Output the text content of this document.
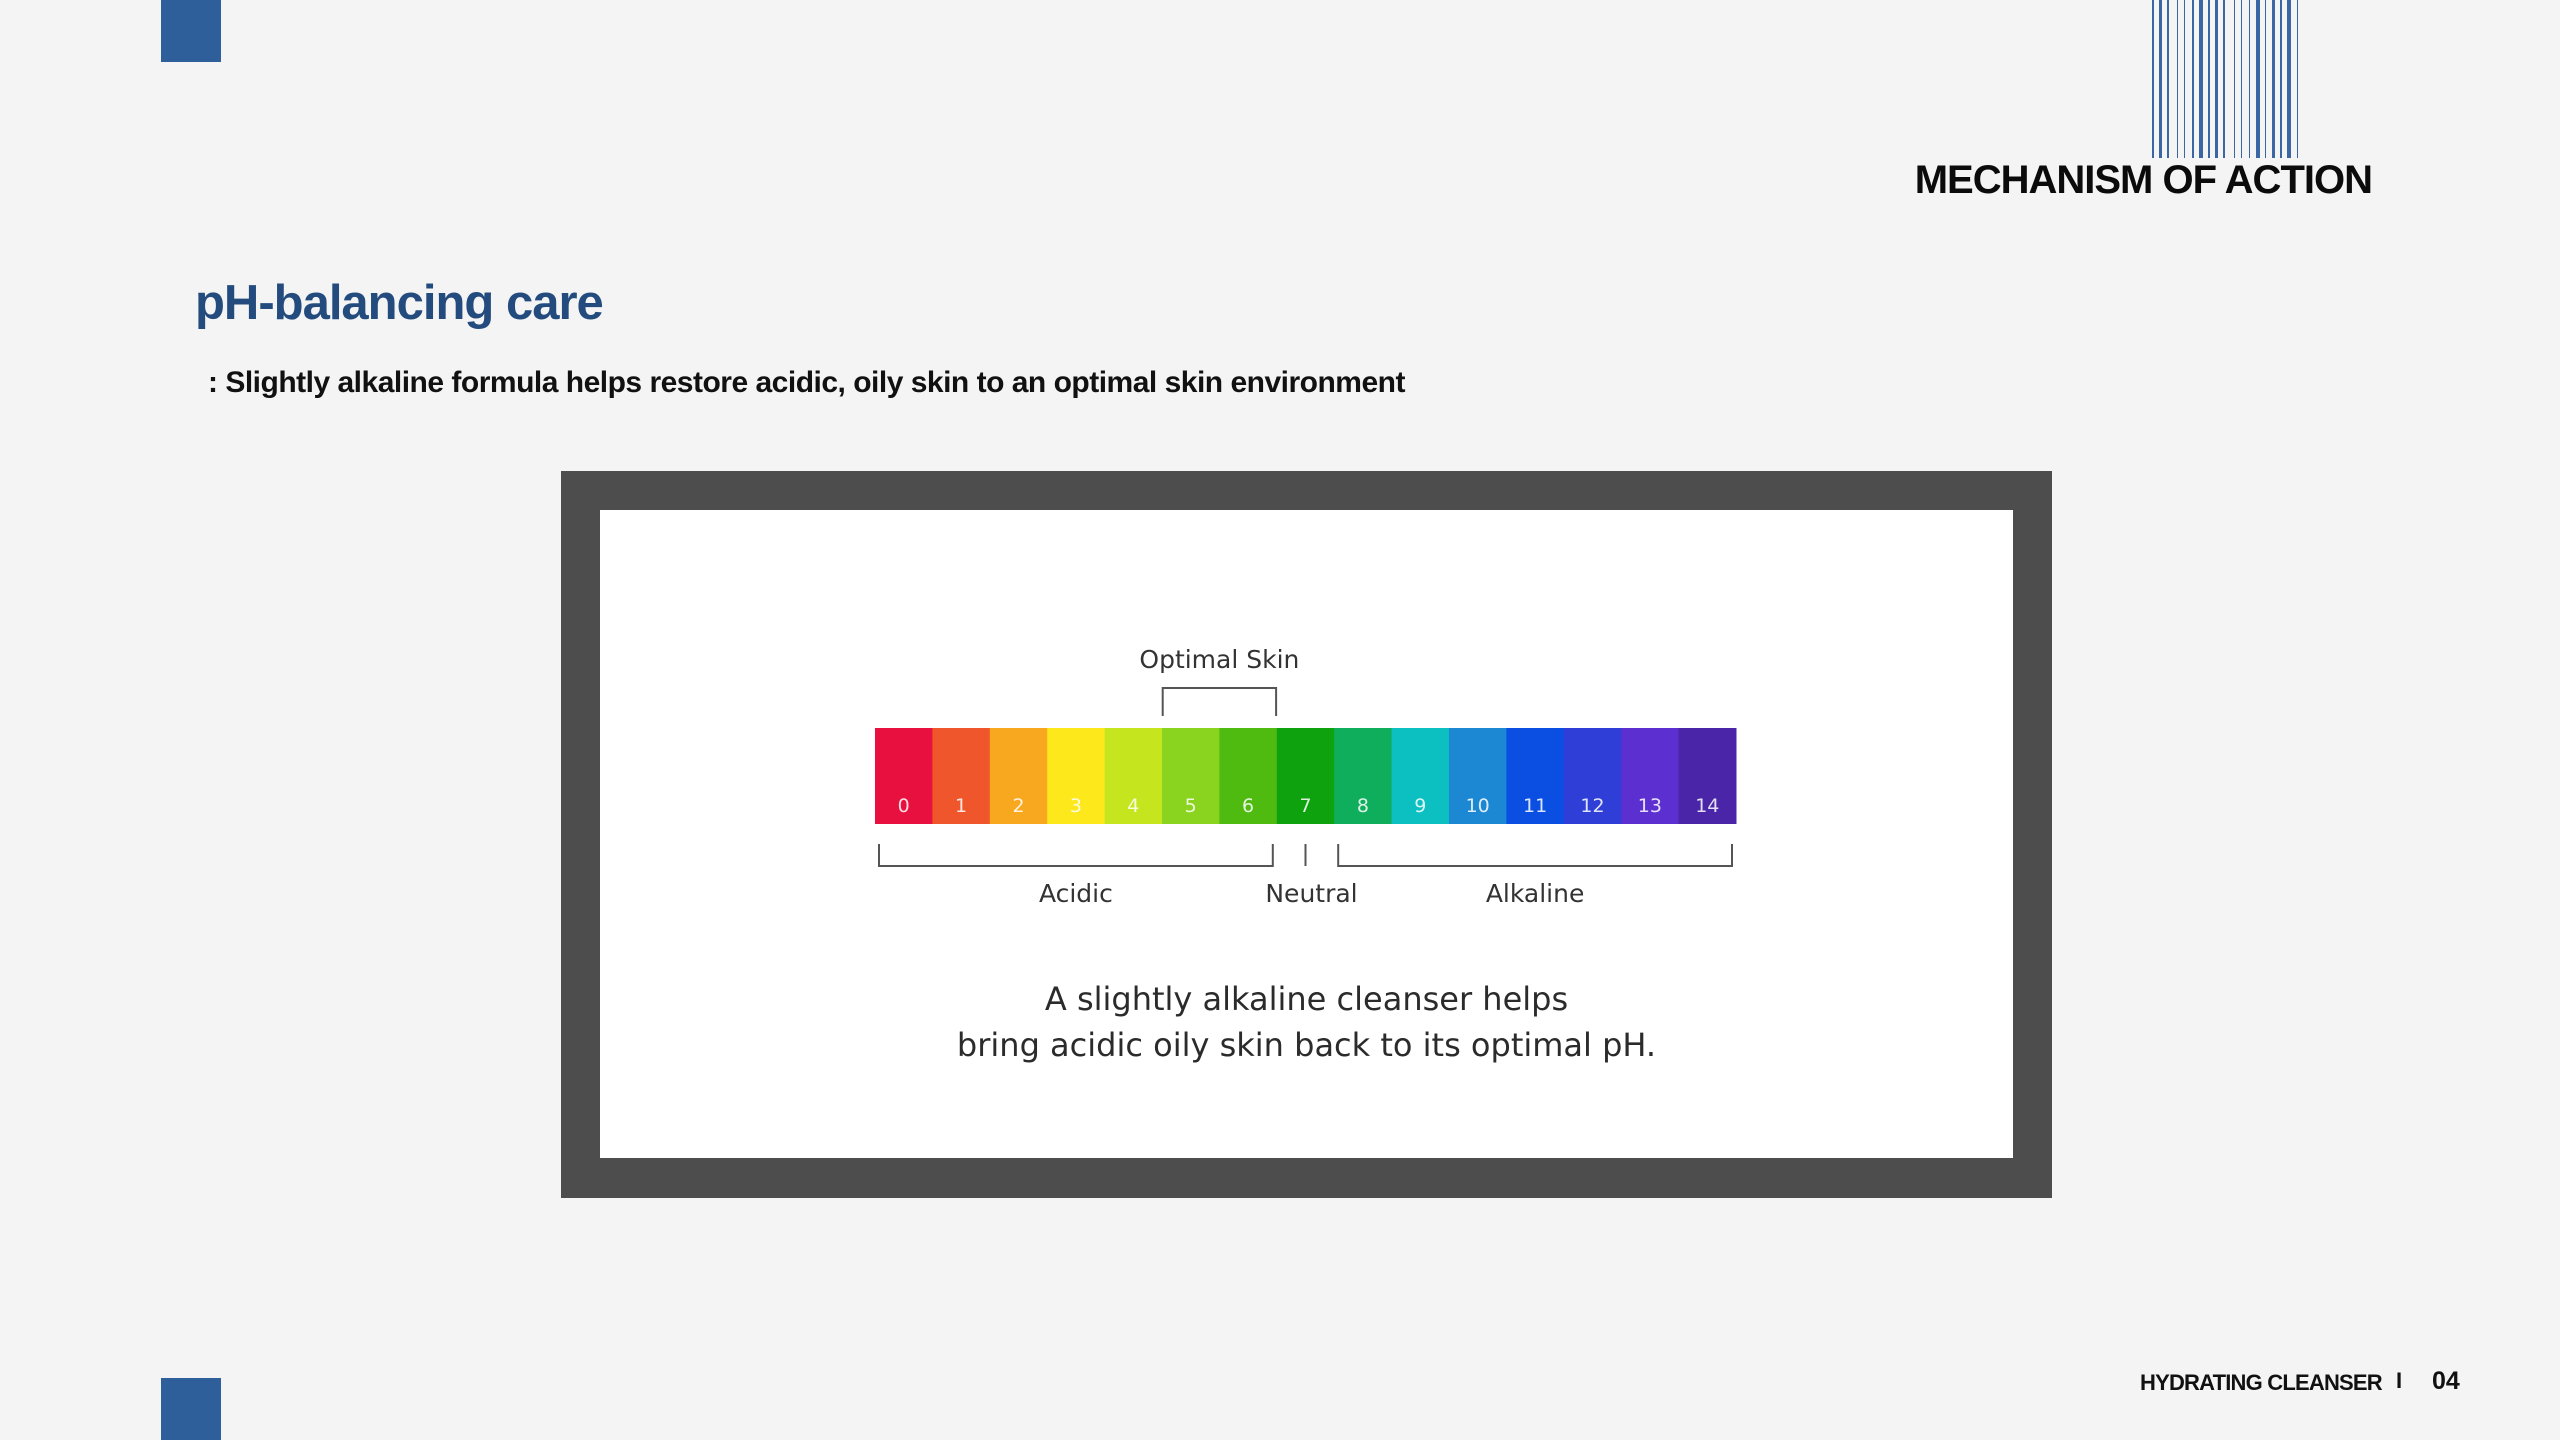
MECHANISM OF ACTION
pH-balancing care
: Slightly alkaline formula helps restore acidic, oily skin to an optimal skin environment
0 1 2 3 4 5 6 7 8 9 10 11 12 13 14
Optimal Skin
Acidic	Neutral	Alkaline
A slightly alkaline cleanser helps
bring acidic oily skin back to its optimal pH.
HYDRATING CLEANSER I 04
